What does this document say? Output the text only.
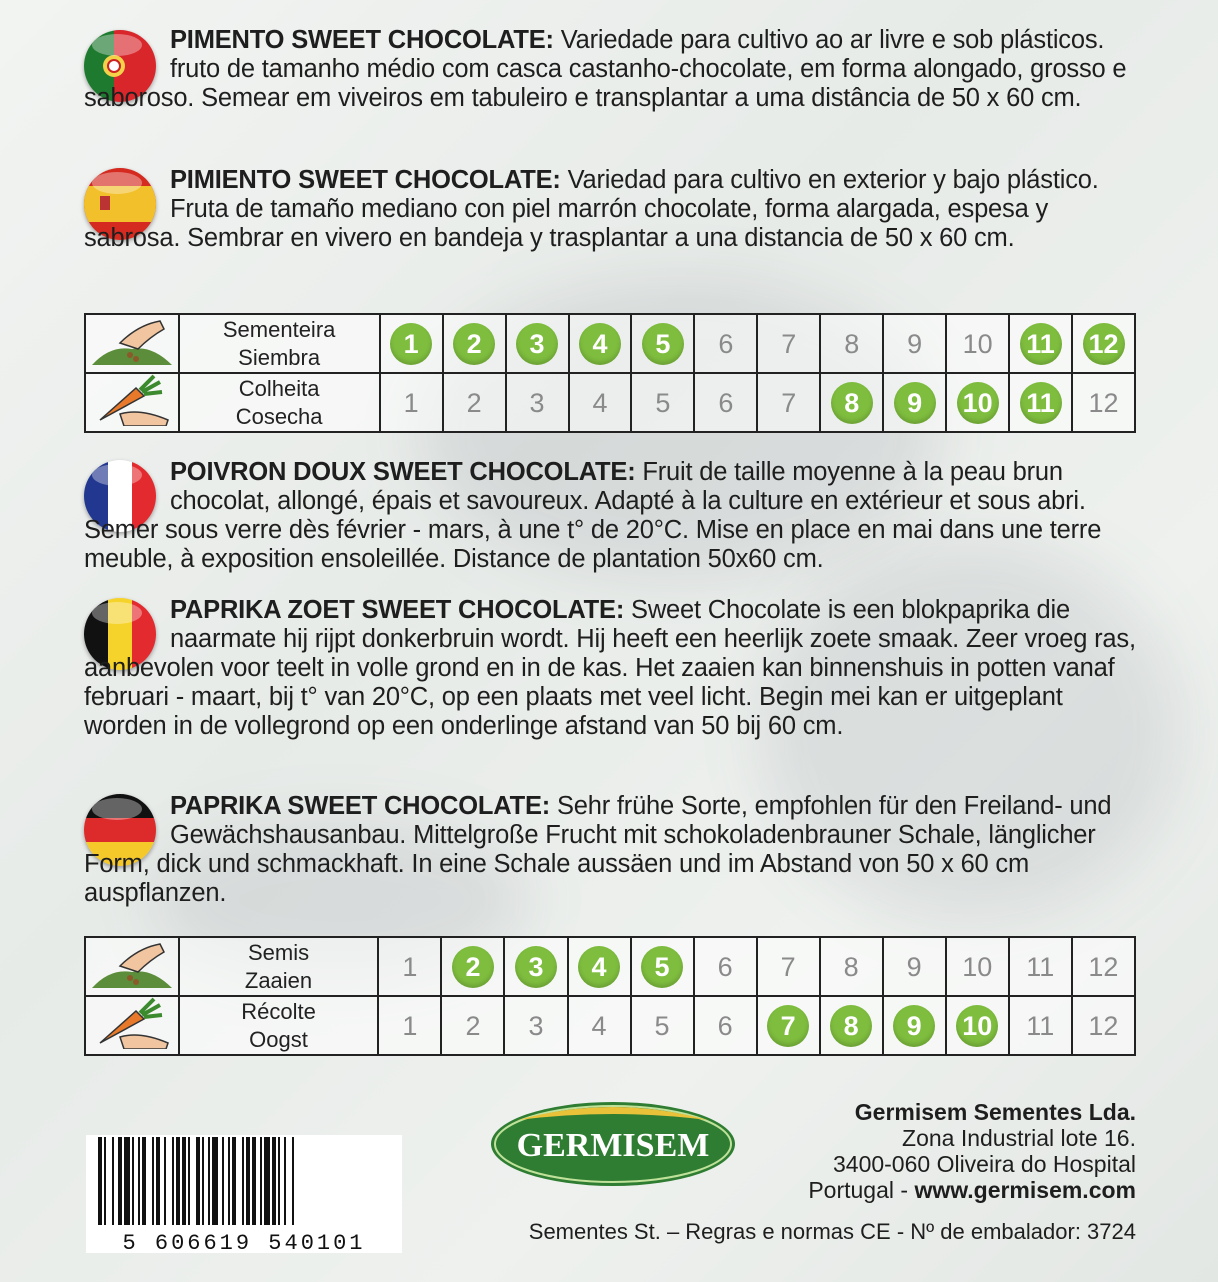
PIMENTO SWEET CHOCOLATE: Variedade para cultivo ao ar livre e sob plásticos. fruto de tamanho médio com casca castanho-chocolate, em forma alongado, grosso e saboroso. Semear em viveiros em tabuleiro e transplantar a uma distância de 50 x 60 cm.

PIMIENTO SWEET CHOCOLATE: Variedad para cultivo en exterior y bajo plástico. Fruta de tamaño mediano con piel marrón chocolate, forma alargada, espesa y sabrosa. Sembrar en vivero en bandeja y trasplantar a una distancia de 50 x 60 cm.

Sementeira
Siembra	1	2	3	4	5	6	7	8	9	10	11	12

Colheita
Cosecha	1	2	3	4	5	6	7	8	9	10	11	12

POIVRON DOUX SWEET CHOCOLATE: Fruit de taille moyenne à la peau brun chocolat, allongé, épais et savoureux. Adapté à la culture en extérieur et sous abri. Semer sous verre dès février - mars, à une t° de 20°C. Mise en place en mai dans une terre meuble, à exposition ensoleillée. Distance de plantation 50x60 cm.

PAPRIKA ZOET SWEET CHOCOLATE: Sweet Chocolate is een blokpaprika die naarmate hij rijpt donkerbruin wordt. Hij heeft een heerlijk zoete smaak. Zeer vroeg ras, aanbevolen voor teelt in volle grond en in de kas. Het zaaien kan binnenshuis in potten vanaf februari - maart, bij t° van 20°C, op een plaats met veel licht. Begin mei kan er uitgeplant worden in de vollegrond op een onderlinge afstand van 50 bij 60 cm.

PAPRIKA SWEET CHOCOLATE: Sehr frühe Sorte, empfohlen für den Freiland- und Gewächshausanbau. Mittelgroße Frucht mit schokoladenbrauner Schale, länglicher Form, dick und schmackhaft. In eine Schale aussäen und im Abstand von 50 x 60 cm auspflanzen.

Semis
Zaaien	1	2	3	4	5	6	7	8	9	10	11	12

Récolte
Oogst	1	2	3	4	5	6	7	8	9	10	11	12
GERMISEM
Germisem Sementes Lda.
Zona Industrial lote 16.
3400-060 Oliveira do Hospital
Portugal - www.germisem.com
5 606619 540101	Sementes St. – Regras e normas CE - Nº de embalador: 3724
